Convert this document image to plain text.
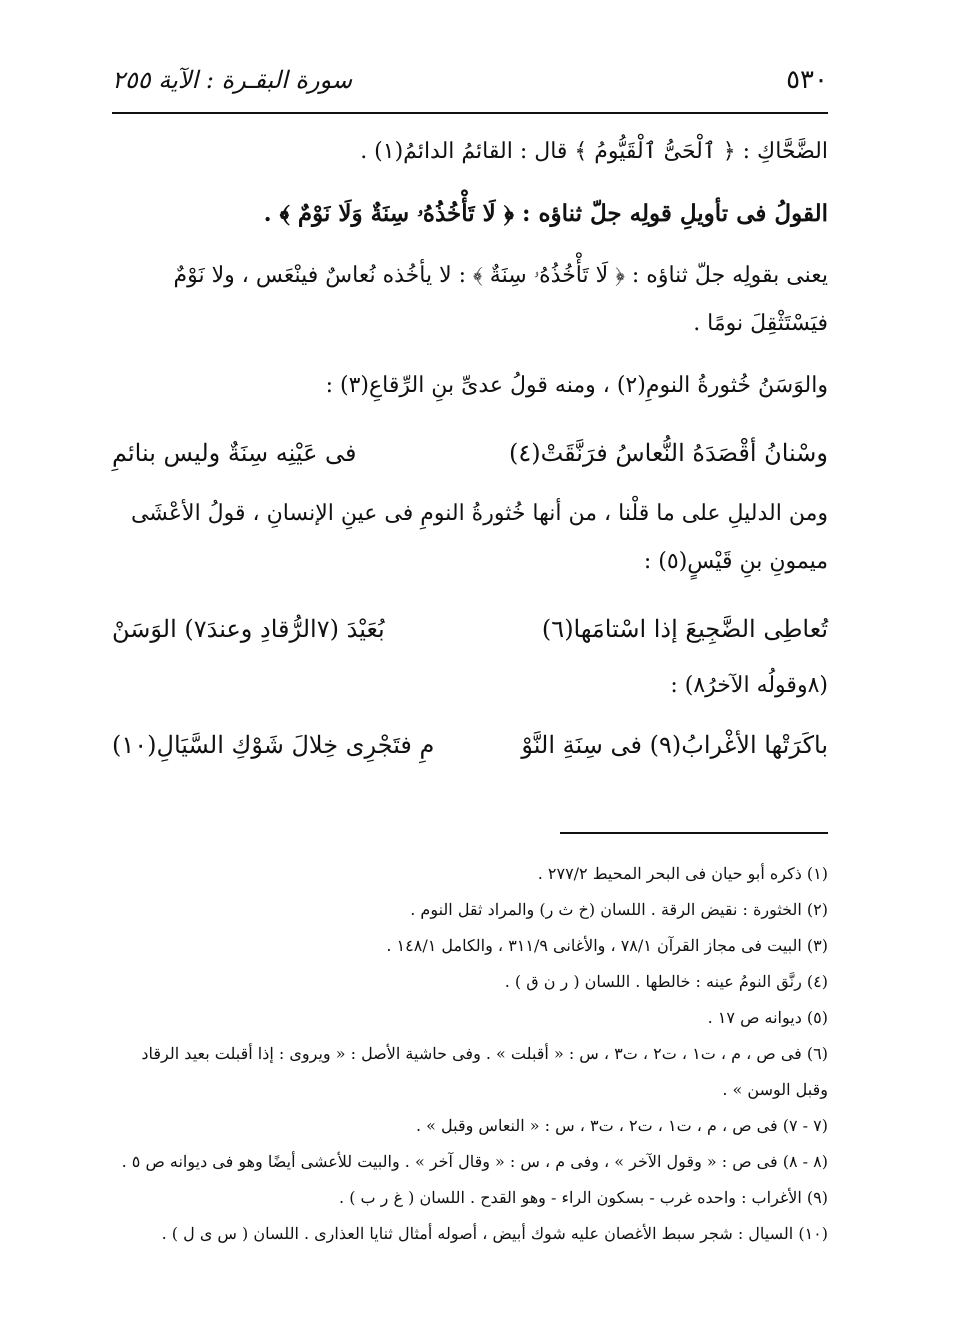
٥٣٠
سورة البقـرة : الآية ٢٥٥

الضَّحَّاكِ : ﴿ ٱلْحَىُّ ٱلْقَيُّومُ ﴾ قال : القائمُ الدائمُ(١) .

القولُ فى تأويلِ قولِه جلّ ثناؤه : ﴿ لَا تَأْخُذُهُۥ سِنَةٌ وَلَا نَوْمٌ ﴾ .

يعنى بقولِه جلّ ثناؤه : ﴿ لَا تَأْخُذُهُۥ سِنَةٌ ﴾ : لا يأخُذه نُعاسٌ فينْعَس ، ولا نَوْمٌ فيَسْتَثْقِلَ نومًا .

والوَسَنُ خُثورةُ النومِ(٢) ، ومنه قولُ عدىِّ بنِ الرِّقاعِ(٣) :

وسْنانُ أقْصَدَهُ النُّعاسُ فرَنَّقَتْ(٤)
فى عَيْنِه سِنَةٌ وليس بنائمِ

ومن الدليلِ على ما قلْنا ، من أنها خُثورةُ النومِ فى عينِ الإنسانِ ، قولُ الأعْشَى ميمونِ بنِ قَيْسٍ(٥) :

تُعاطِى الضَّجِيعَ إذا اسْتامَها(٦)
بُعَيْدَ (٧الرُّقادِ وعندَ٧) الوَسَنْ

(٨وقولُه الآخرُ٨) :

باكَرَتْها الأغْرابُ(٩) فى سِنَةِ النَّوْ
مِ فتَجْرِى خِلالَ شَوْكِ السَّيَالِ(١٠)

(١) ذكره أبو حيان فى البحر المحيط ٢٧٧/٢ .

(٢) الخثورة : نقيض الرقة . اللسان (خ ث ر) والمراد ثقل النوم .

(٣) البيت فى مجاز القرآن ٧٨/١ ، والأغانى ٣١١/٩ ، والكامل ١٤٨/١ .

(٤) رنَّق النومُ عينه : خالطها . اللسان ( ر ن ق ) .

(٥) ديوانه ص ١٧ .

(٦) فى ص ، م ، ت١ ، ت٢ ، ت٣ ، س : « أقبلت » . وفى حاشية الأصل : « ويروى : إذا أقبلت بعيد الرقاد وقبل الوسن » .

(٧ - ٧) فى ص ، م ، ت١ ، ت٢ ، ت٣ ، س : « النعاس وقبل » .

(٨ - ٨) فى ص : « وقول الآخر » ، وفى م ، س : « وقال آخر » . والبيت للأعشى أيضًا وهو فى ديوانه ص ٥ .

(٩) الأغراب : واحده غرب - بسكون الراء - وهو القدح . اللسان ( غ ر ب ) .

(١٠) السيال : شجر سبط الأغصان عليه شوك أبيض ، أصوله أمثال ثنايا العذارى . اللسان ( س ى ل ) .
